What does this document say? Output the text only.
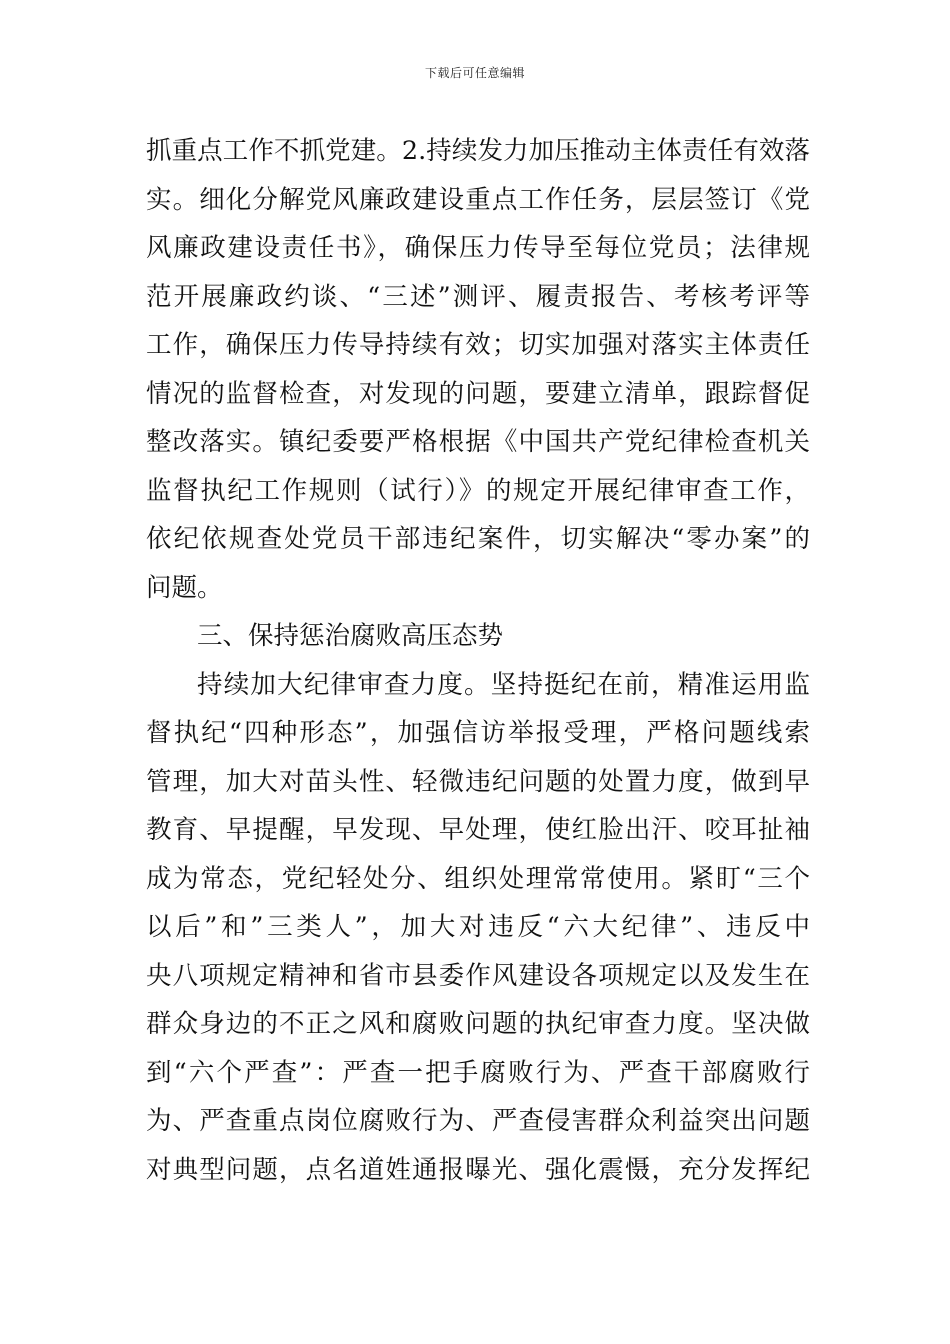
下载后可任意编辑
抓重点工作不抓党建。2.持续发力加压推动主体责任有效落
实。细化分解党风廉政建设重点工作任务，层层签订《党
风廉政建设责任书》，确保压力传导至每位党员；法律规
范开展廉政约谈、“三述”测评、履责报告、考核考评等
工作，确保压力传导持续有效；切实加强对落实主体责任
情况的监督检查，对发现的问题，要建立清单，跟踪督促
整改落实。镇纪委要严格根据《中国共产党纪律检查机关
监督执纪工作规则（试行）》的规定开展纪律审查工作，
依纪依规查处党员干部违纪案件，切实解决“零办案”的
问题。
三、保持惩治腐败高压态势
持续加大纪律审查力度。坚持挺纪在前，精准运用监
督执纪“四种形态”，加强信访举报受理，严格问题线索
管理，加大对苗头性、轻微违纪问题的处置力度，做到早
教育、早提醒，早发现、早处理，使红脸出汗、咬耳扯袖
成为常态，党纪轻处分、组织处理常常使用。紧盯“三个
以后”和”三类人”，加大对违反“六大纪律”、违反中
央八项规定精神和省市县委作风建设各项规定以及发生在
群众身边的不正之风和腐败问题的执纪审查力度。坚决做
到“六个严查”：严查一把手腐败行为、严查干部腐败行
为、严查重点岗位腐败行为、严查侵害群众利益突出问题
对典型问题，点名道姓通报曝光、强化震慑，充分发挥纪
